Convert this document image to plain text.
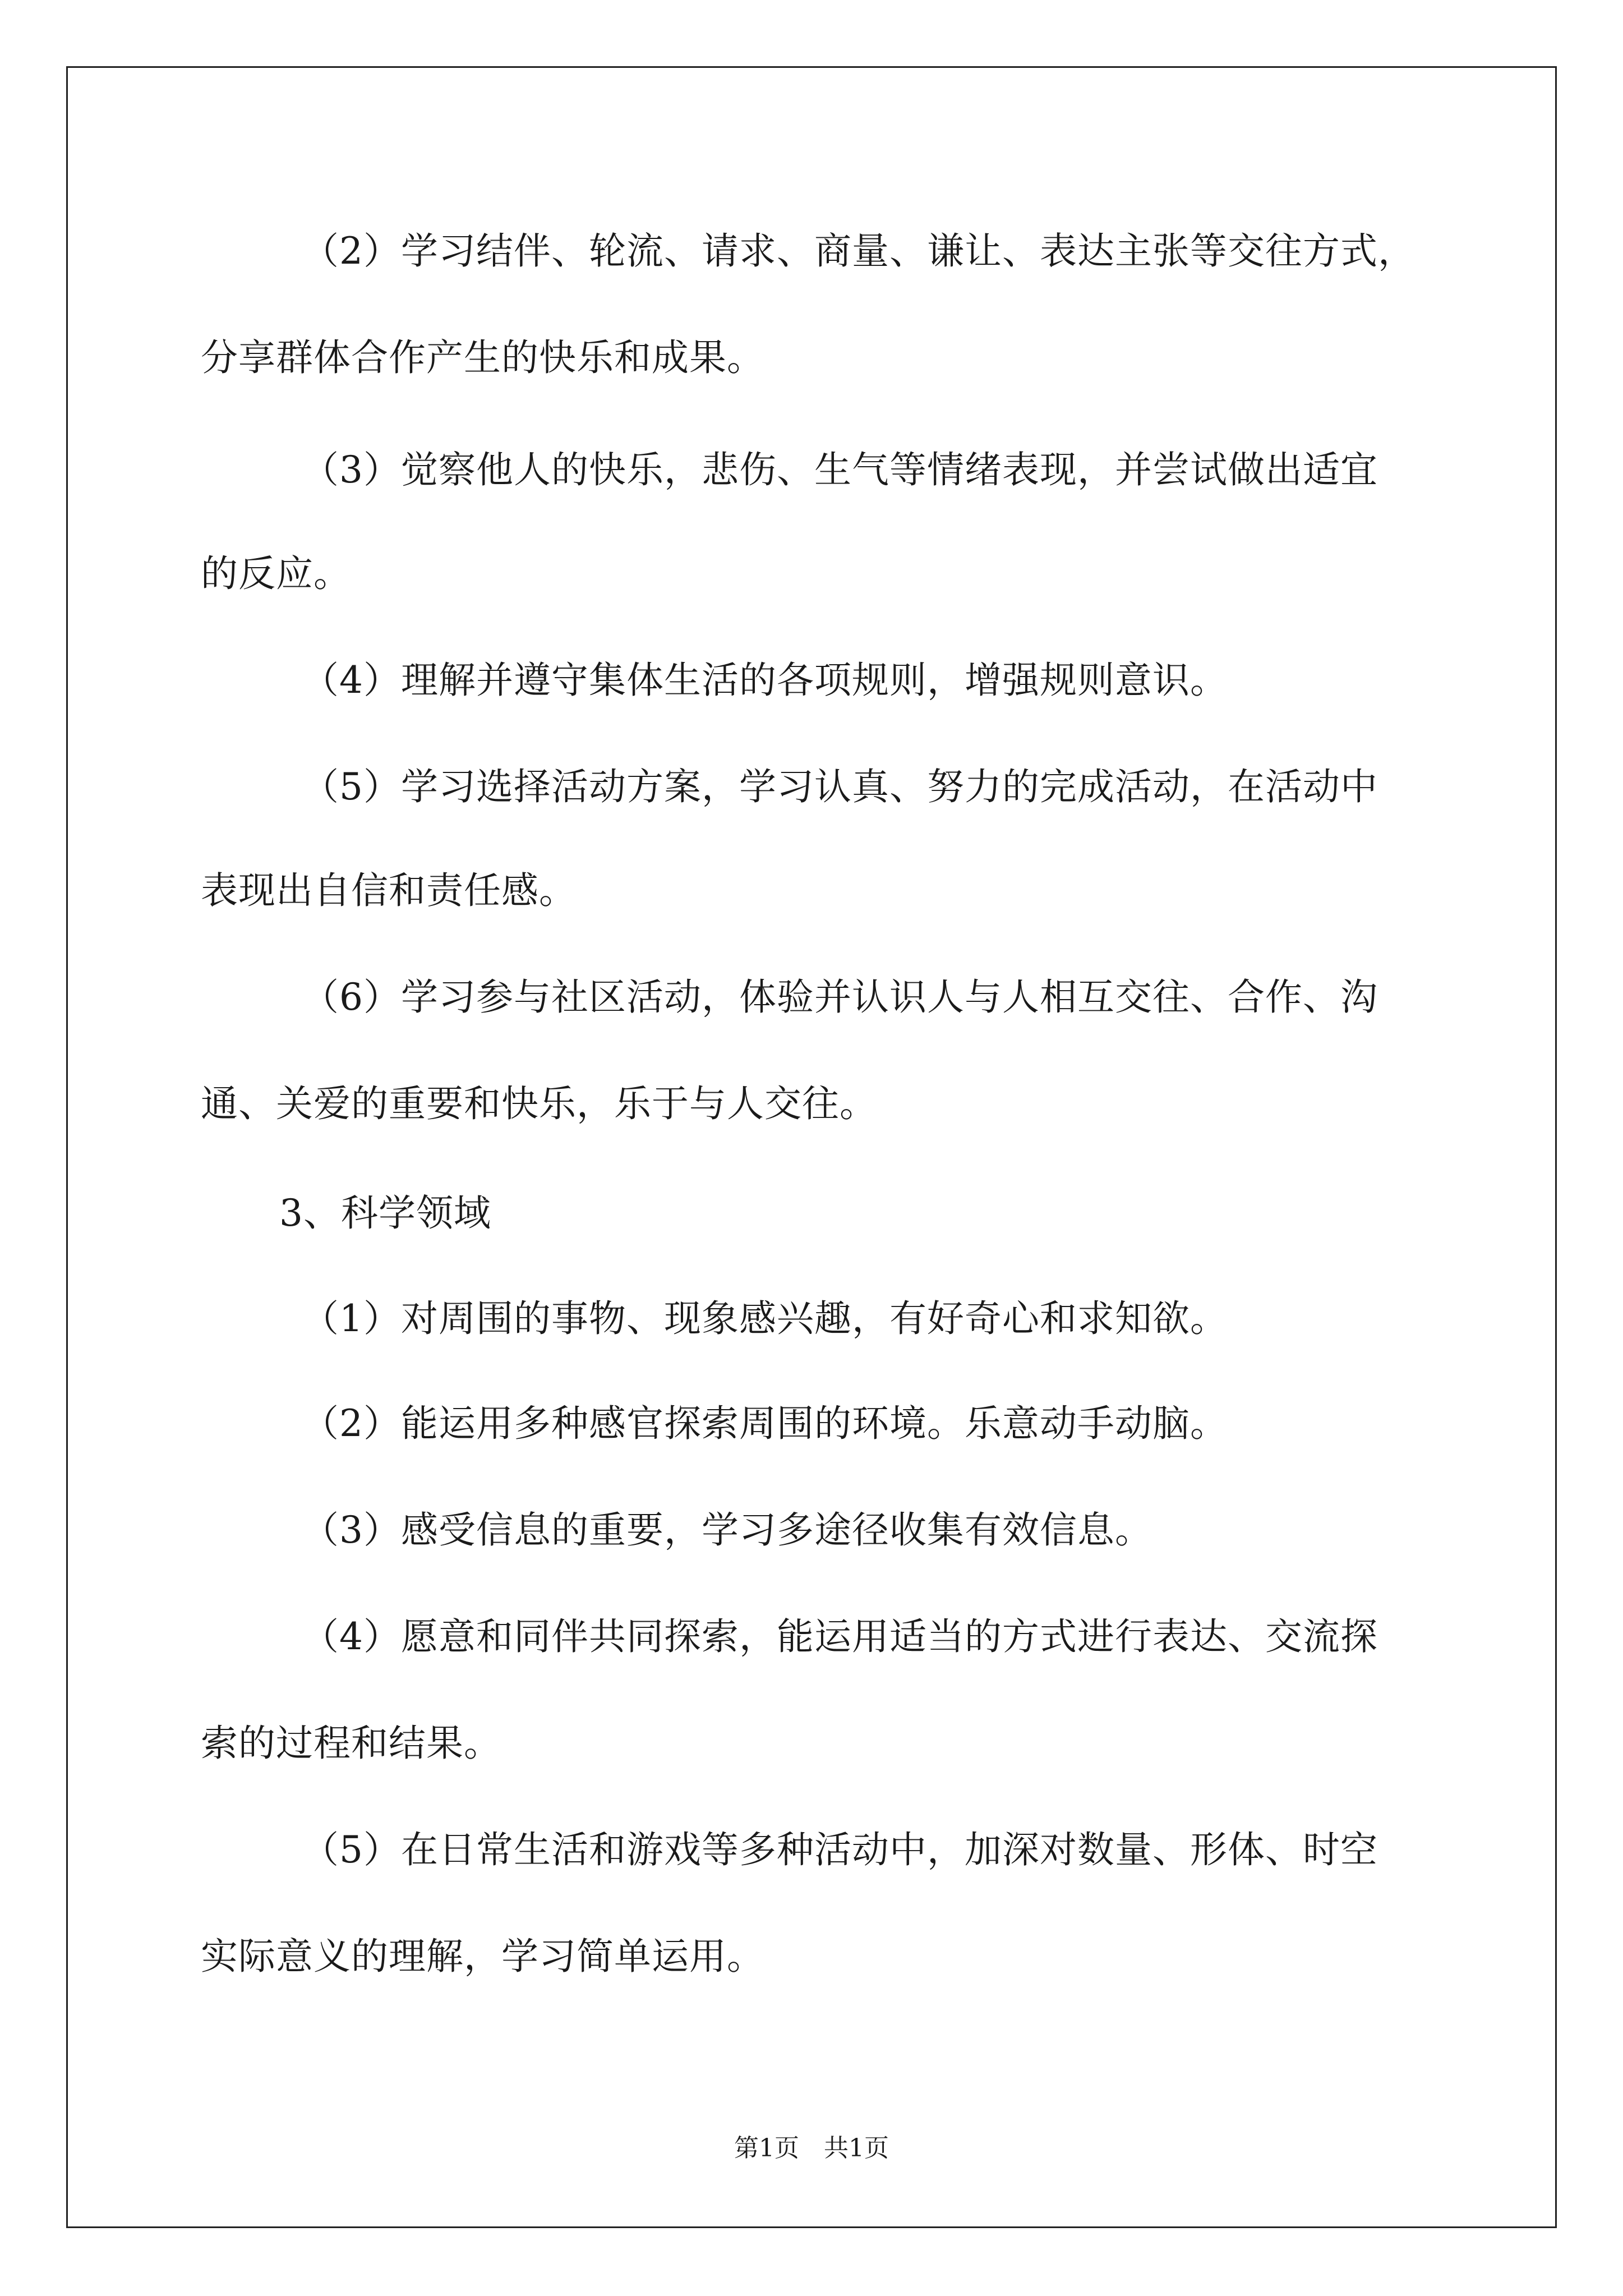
（2）学习结伴、轮流、请求、商量、谦让、表达主张等交往方式，
分享群体合作产生的快乐和成果。
（3）觉察他人的快乐，悲伤、生气等情绪表现，并尝试做出适宜
的反应。
（4）理解并遵守集体生活的各项规则，增强规则意识。
（5）学习选择活动方案，学习认真、努力的完成活动，在活动中
表现出自信和责任感。
（6）学习参与社区活动，体验并认识人与人相互交往、合作、沟
通、关爱的重要和快乐，乐于与人交往。
3、科学领域
（1）对周围的事物、现象感兴趣，有好奇心和求知欲。
（2）能运用多种感官探索周围的环境。乐意动手动脑。
（3）感受信息的重要，学习多途径收集有效信息。
（4）愿意和同伴共同探索，能运用适当的方式进行表达、交流探
索的过程和结果。
（5）在日常生活和游戏等多种活动中，加深对数量、形体、时空
实际意义的理解，学习简单运用。
第1页　共1页
